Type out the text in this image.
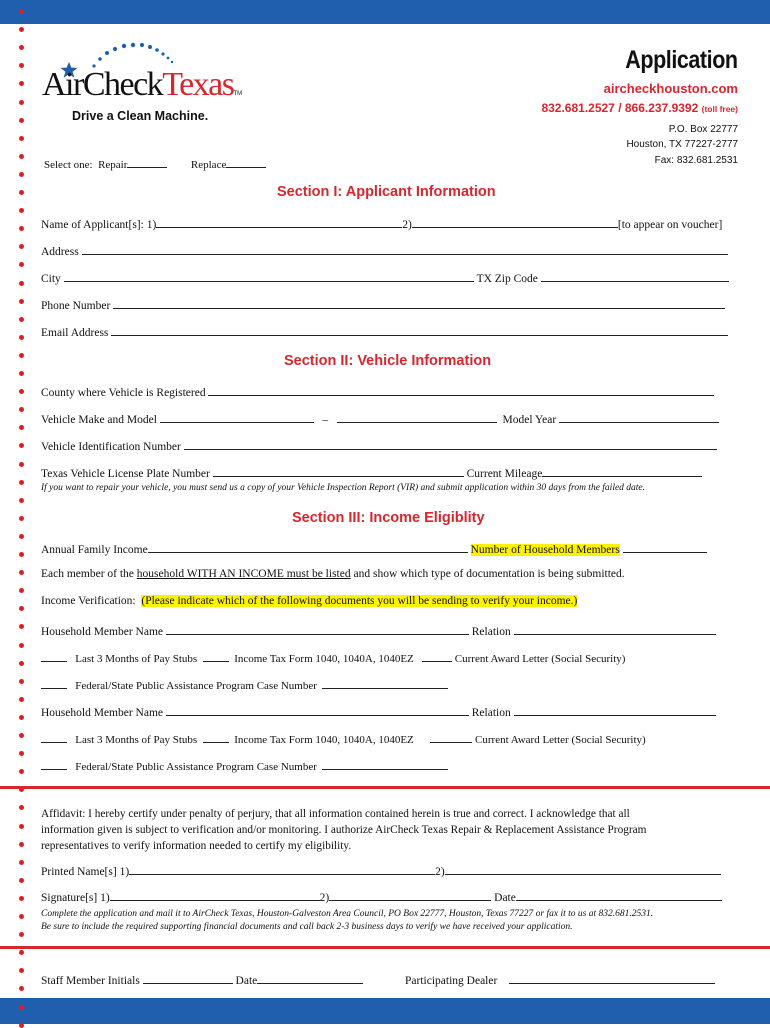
AirCheckTexasTM
Drive a Clean Machine.
Application
aircheckhouston.com
832.681.2527 / 866.237.9392 (toll free)
P.O. Box 22777
Houston, TX 77227-2777
Fax: 832.681.2531
Select one: Repair	Replace
Section I: Applicant Information
Name of Applicant[s]: 1)	2)	[to appear on voucher]
Address
City	TX Zip Code
Phone Number
Email Address
Section II: Vehicle Information
County where Vehicle is Registered
Vehicle Make and Model	–	Model Year
Vehicle Identification Number
Texas Vehicle License Plate Number	Current Mileage
If you want to repair your vehicle, you must send us a copy of your Vehicle Inspection Report (VIR) and submit application within 30 days from the failed date.
Section III: Income Eligiblity
Annual Family Income	Number of Household Members
Each member of the household WITH AN INCOME must be listed and show which type of documentation is being submitted.
Income Verification: (Please indicate which of the following documents you will be sending to verify your income.)
Household Member Name	Relation
Last 3 Months of Pay Stubs	Income Tax Form 1040, 1040A, 1040EZ	Current Award Letter (Social Security)
Federal/State Public Assistance Program Case Number
Household Member Name	Relation
Last 3 Months of Pay Stubs	Income Tax Form 1040, 1040A, 1040EZ	Current Award Letter (Social Security)
Federal/State Public Assistance Program Case Number
Affidavit: I hereby certify under penalty of perjury, that all information contained herein is true and correct. I acknowledge that all
information given is subject to verification and/or monitoring. I authorize AirCheck Texas Repair & Replacement Assistance Program
representatives to verify information needed to certify my eligibility.
Printed Name[s] 1)	2)
Signature[s] 1)	2)	Date
Complete the application and mail it to AirCheck Texas, Houston-Galveston Area Council, PO Box 22777, Houston, Texas 77227 or fax it to us at 832.681.2531.
Be sure to include the required supporting financial documents and call back 2-3 business days to verify we have received your application.
Staff Member Initials	Date	Participating Dealer
